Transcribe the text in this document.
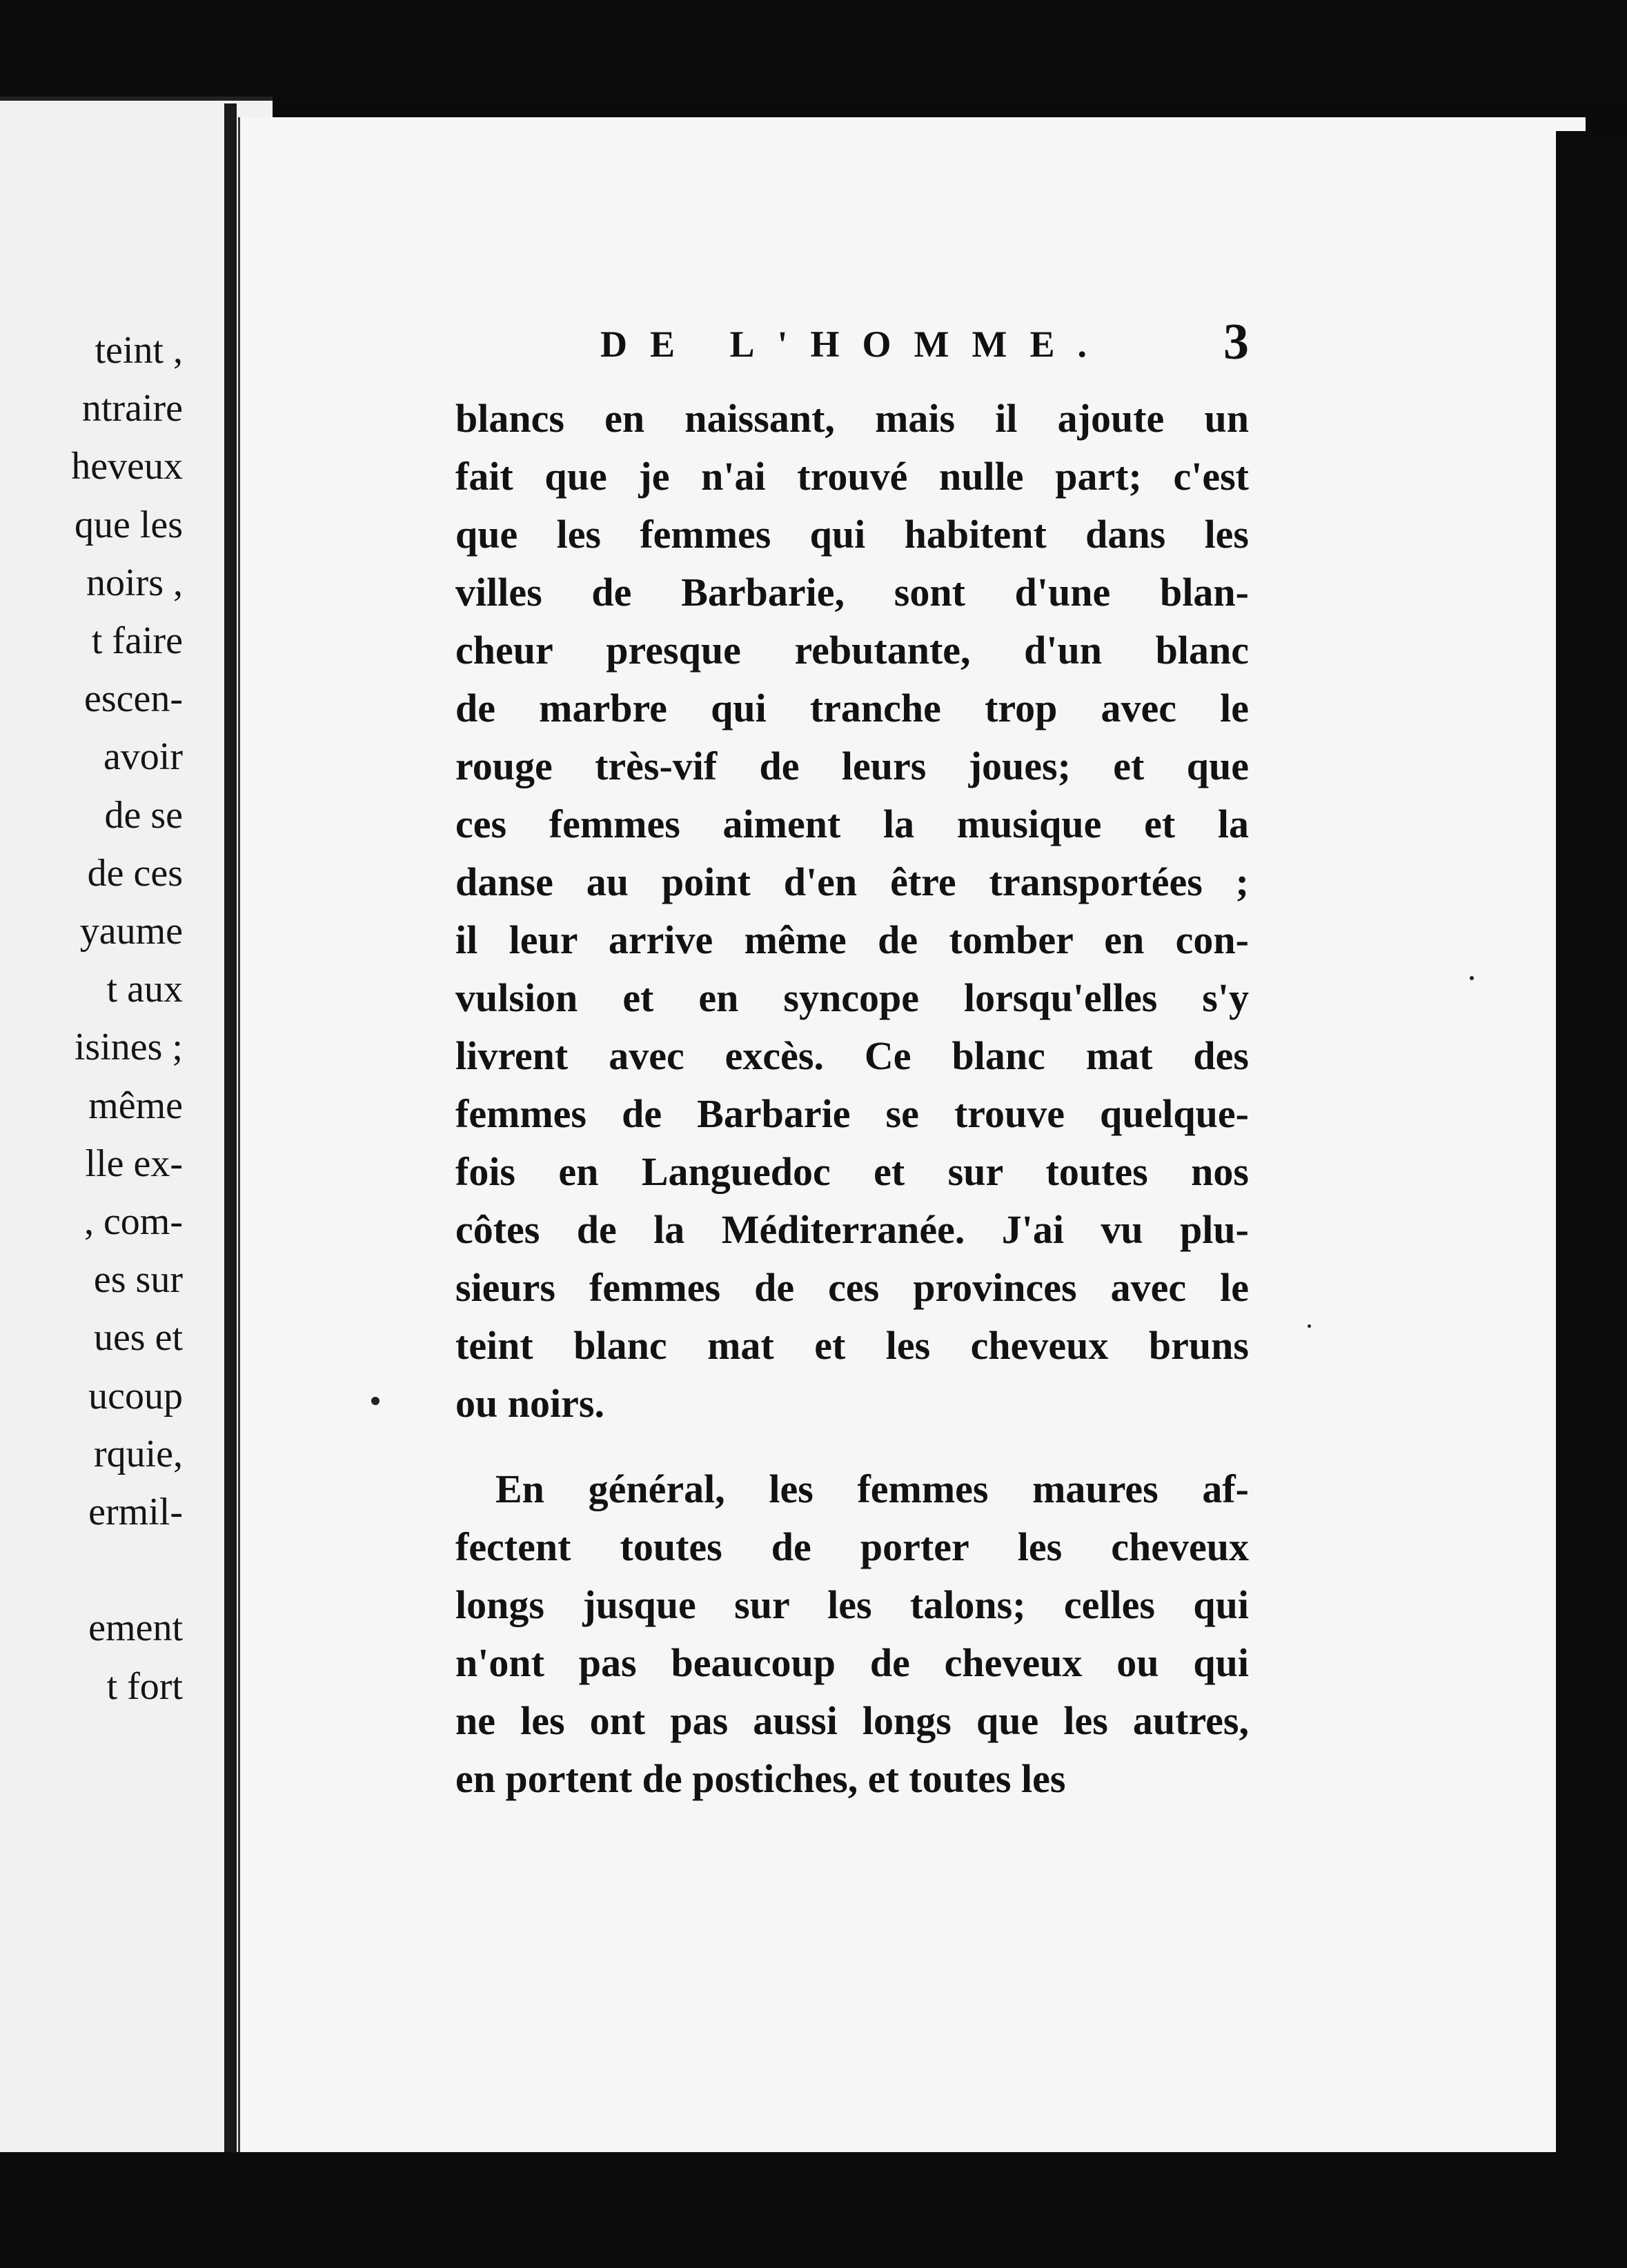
teint ,
ntraire
heveux
que les
noirs ,
t faire
escen-
avoir
de se
de ces
yaume
t aux
isines ;
même
lle ex-
, com-
es sur
ues et
ucoup
rquie,
ermil-
ement
t fort
DE L'HOMME. 3
blancs en naissant, mais il ajoute un
fait que je n'ai trouvé nulle part; c'est
que les femmes qui habitent dans les
villes de Barbarie, sont d'une blan-
cheur presque rebutante, d'un blanc
de marbre qui tranche trop avec le
rouge très-vif de leurs joues; et que
ces femmes aiment la musique et la
danse au point d'en être transportées ;
il leur arrive même de tomber en con-
vulsion et en syncope lorsqu'elles s'y
livrent avec excès. Ce blanc mat des
femmes de Barbarie se trouve quelque-
fois en Languedoc et sur toutes nos
côtes de la Méditerranée. J'ai vu plu-
sieurs femmes de ces provinces avec le
teint blanc mat et les cheveux bruns
ou noirs.
En général, les femmes maures af-
fectent toutes de porter les cheveux
longs jusque sur les talons; celles qui
n'ont pas beaucoup de cheveux ou qui
ne les ont pas aussi longs que les autres,
en portent de postiches, et toutes les
